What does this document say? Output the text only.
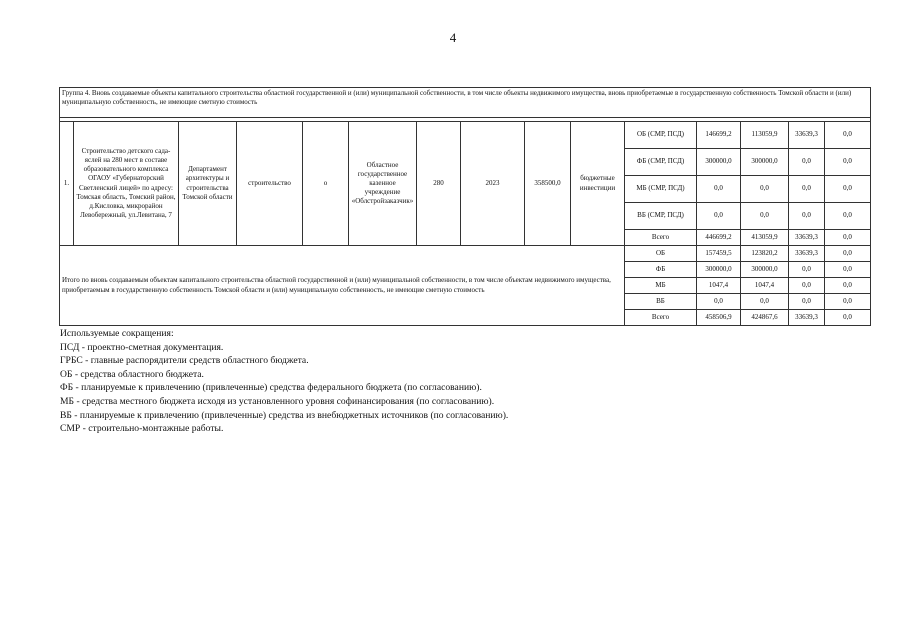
4
Группа 4. Вновь создаваемые объекты капитального строительства областной государственной и (или) муниципальной собственности, в том числе объекты недвижимого имущества, вновь приобретаемые в государственную собственность Томской области и (или) муниципальную собственность, не имеющие сметную стоимость														

1.	Строительство детского сада-яслей на 280 мест в составе образовательного комплекса ОГАОУ «Губернаторский Светленский лицей» по адресу: Томская область, Томский район, д.Кисловка, микрорайон Левобережный, ул.Левитана, 7	Департамент архитектуры и строительства Томской области	строительство	о	Областное государственное казенное учреждение «Облстройзаказчик»	280	2023	358500,0	бюджетные инвестиции	ОБ (СМР, ПСД)	146699,2	113059,9	33639,3	0,0
										ФБ (СМР, ПСД)	300000,0	300000,0	0,0	0,0
										МБ (СМР, ПСД)	0,0	0,0	0,0	0,0
										ВБ (СМР, ПСД)	0,0	0,0	0,0	0,0
										Всего	446699,2	413059,9	33639,3	0,0
Итого по вновь создаваемым объектам капитального строительства областной государственной и (или) муниципальной собственности, в том числе объектам недвижимого имущества, приобретаемым в государственную собственность Томской области и (или) муниципальную собственность, не имеющие сметную стоимость										ОБ	157459,5	123820,2	33639,3	0,0
										ФБ	300000,0	300000,0	0,0	0,0
										МБ	1047,4	1047,4	0,0	0,0
										ВБ	0,0	0,0	0,0	0,0
										Всего	458506,9	424867,6	33639,3	0,0
Используемые сокращения:
ПСД - проектно-сметная документация.
ГРБС - главные распорядители средств областного бюджета.
ОБ - средства областного бюджета.
ФБ - планируемые к привлечению (привлеченные) средства федерального бюджета (по согласованию).
МБ - средства местного бюджета исходя из установленного уровня софинансирования (по согласованию).
ВБ - планируемые к привлечению (привлеченные) средства из внебюджетных источников (по согласованию).
СМР - строительно-монтажные работы.
